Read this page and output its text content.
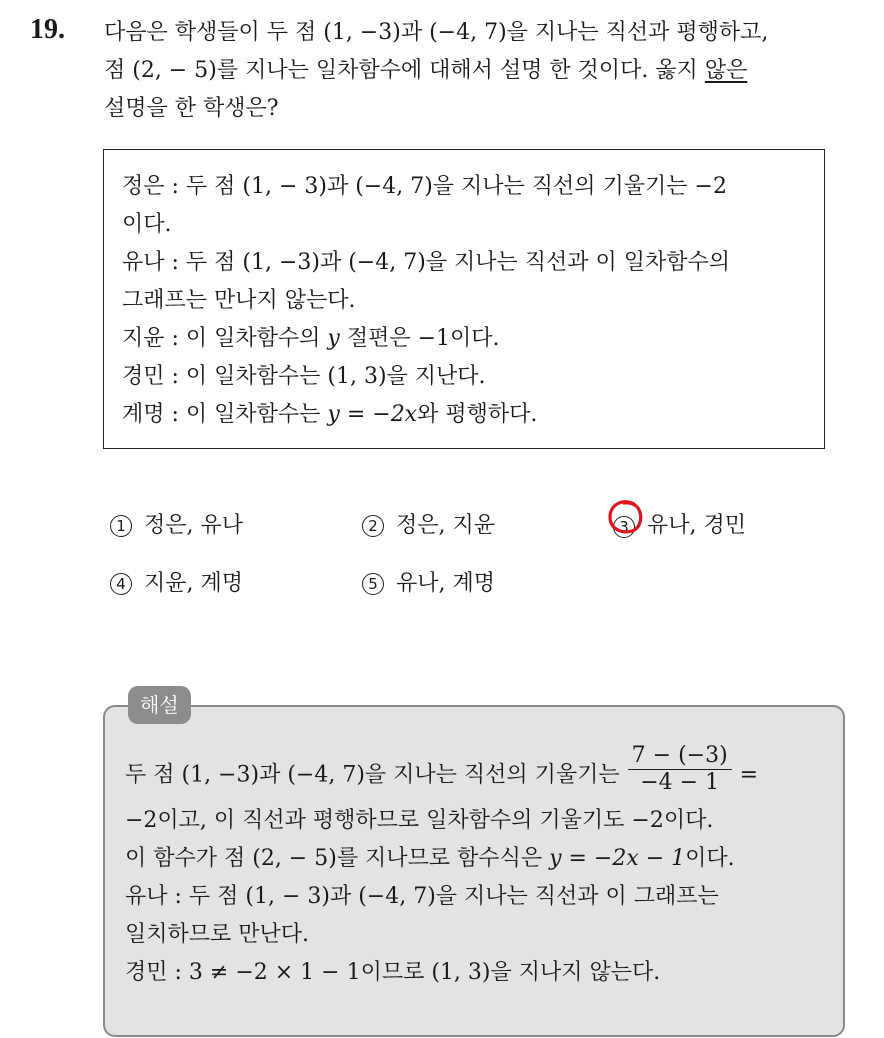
19. 다음은 학생들이 두 점 (1, −3)과 (−4, 7)을 지나는 직선과 평행하고,
점 (2, − 5)를 지나는 일차함수에 대해서 설명 한 것이다. 옳지 않은
설명을 한 학생은?
정은 : 두 점 (1, − 3)과 (−4, 7)을 지나는 직선의 기울기는 −2
이다.
유나 : 두 점 (1, −3)과 (−4, 7)을 지나는 직선과 이 일차함수의
그래프는 만나지 않는다.
지윤 : 이 일차함수의 y 절편은 −1이다.
경민 : 이 일차함수는 (1, 3)을 지난다.
계명 : 이 일차함수는 y = −2x와 평행하다.
1 정은, 유나	2 정은, 지윤	3 유나, 경민
4 지윤, 계명	5 유나, 계명
해설
두 점 (1, −3)과 (−4, 7)을 지나는 직선의 기울기는 $\frac{7 - (-3)}{-4 - 1}$ =
−2이고, 이 직선과 평행하므로 일차함수의 기울기도 −2이다.
이 함수가 점 (2, − 5)를 지나므로 함수식은 y = −2x − 1이다.
유나 : 두 점 (1, − 3)과 (−4, 7)을 지나는 직선과 이 그래프는
일치하므로 만난다.
경민 : 3 ≠ −2 × 1 − 1이므로 (1, 3)을 지나지 않는다.
